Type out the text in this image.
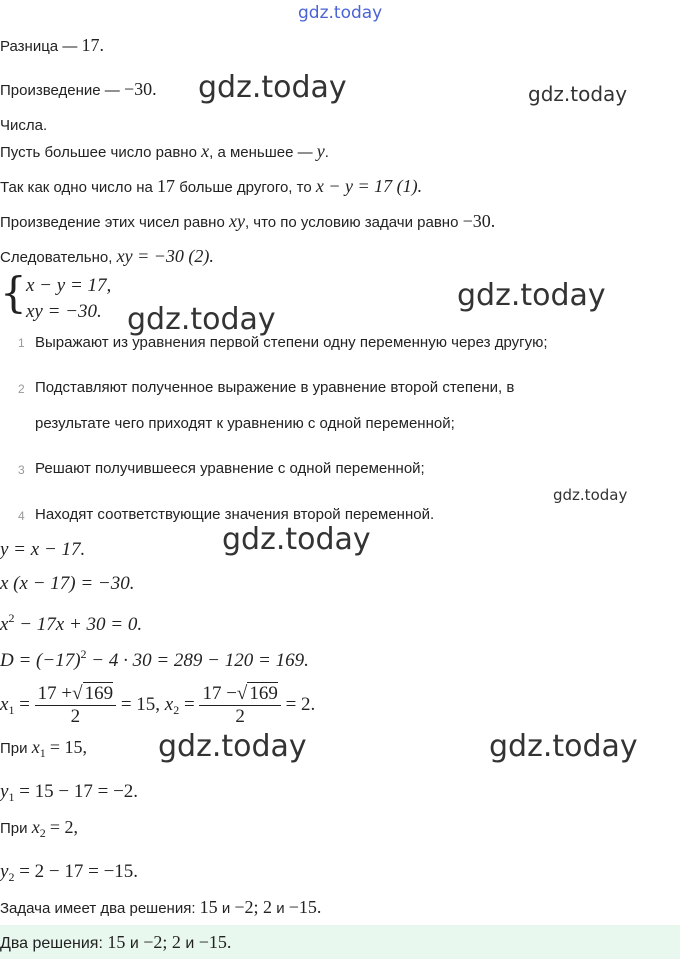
gdz.today
gdz.today	gdz.today
gdz.today
gdz.today
gdz.today
gdz.today
gdz.today	gdz.today
Разница — 17.
Произведение — −30.
Числа.
Пусть большее число равно x, а меньшее — y.
Так как одно число на 17 больше другого, то x − y = 17 (1).
Произведение этих чисел равно xy, что по условию задачи равно −30.
Следовательно, xy = −30 (2).
{ x − y = 17,
xy = −30.
1 Выражают из уравнения первой степени одну переменную через другую;
2 Подставляют полученное выражение в уравнение второй степени, в
результате чего приходят к уравнению с одной переменной;
3 Решают получившееся уравнение с одной переменной;
4 Находят соответствующие значения второй переменной.
y = x − 17.
x (x − 17) = −30.
$x^2 - 17x + 30 = 0$.
$D = (-17)^2 - 4 \cdot 30 = 289 - 120 = 169$.
$x_1 = \frac{17 +√ 169}{2} = 15$, $x_2 = \frac{17 -√ 169}{2} = 2$.
При $x_1 = 15$,
$y_1 = 15 - 17 = -2$.
При $x_2 = 2$,
$y_2 = 2 - 17 = -15$.
Задача имеет два решения: 15 и −2; 2 и −15.
Два решения: 15 и −2; 2 и −15.
